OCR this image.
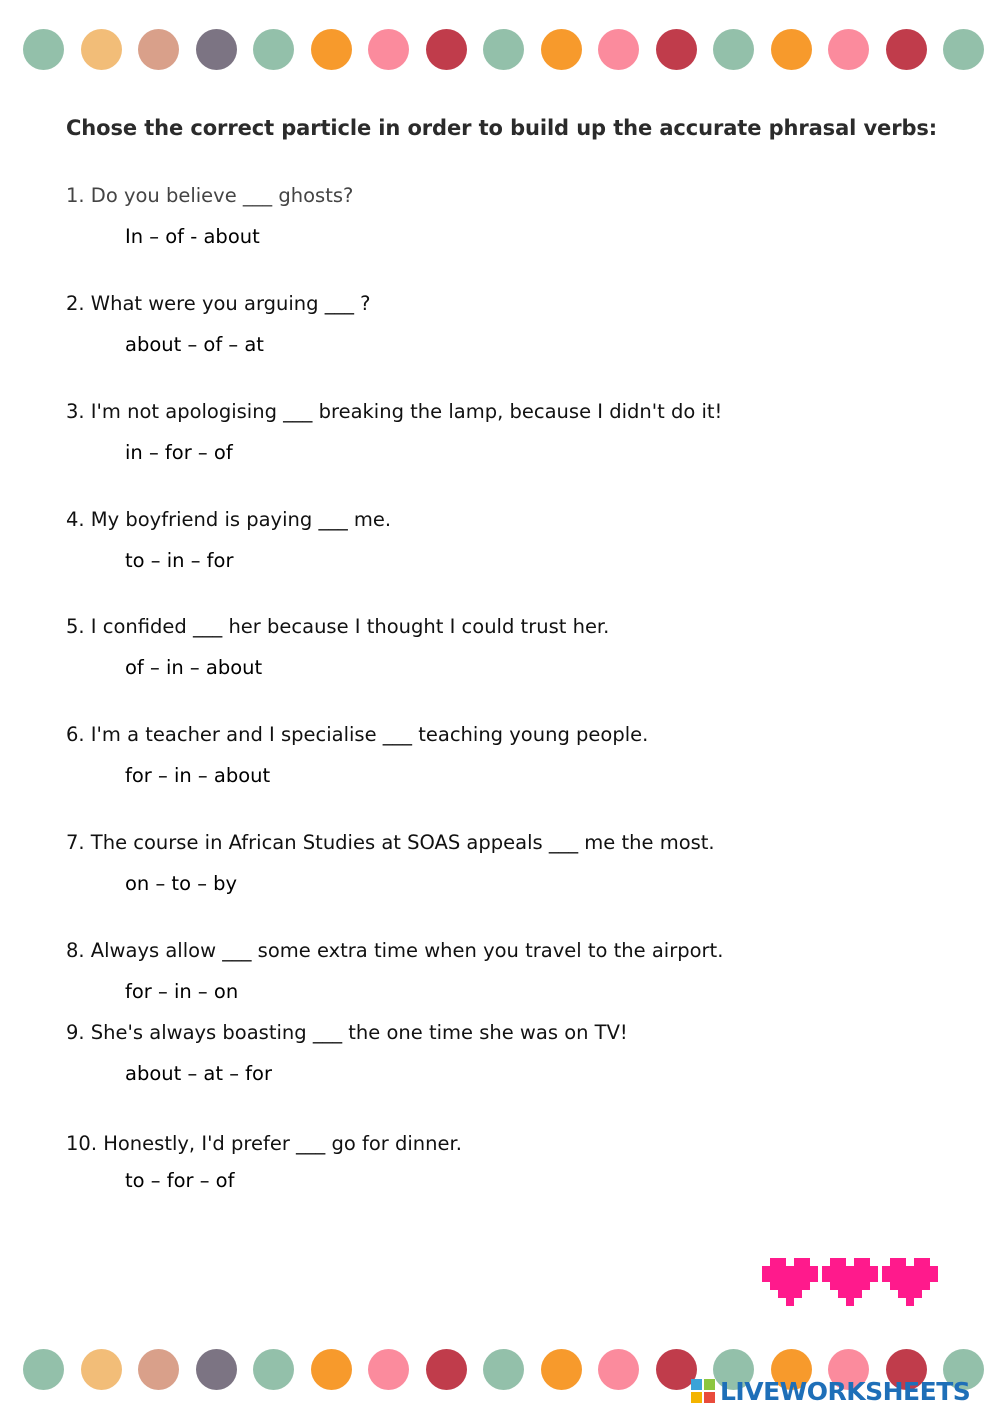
Chose the correct particle in order to build up the accurate phrasal verbs:

1. Do you believe ___ ghosts?

In – of - about

2. What were you arguing ___ ?

about – of – at

3. I'm not apologising ___ breaking the lamp, because I didn't do it!

in – for – of

4. My boyfriend is paying ___ me.

to – in – for

5. I confided ___ her because I thought I could trust her.

of – in – about

6. I'm a teacher and I specialise ___ teaching young people.

for – in – about

7. The course in African Studies at SOAS appeals ___ me the most.

on – to – by

8. Always allow ___ some extra time when you travel to the airport.

for – in – on

9. She's always boasting ___ the one time she was on TV!

about – at – for

10. Honestly, I'd prefer ___ go for dinner.

to – for – of

LIVEWORKSHEETS
